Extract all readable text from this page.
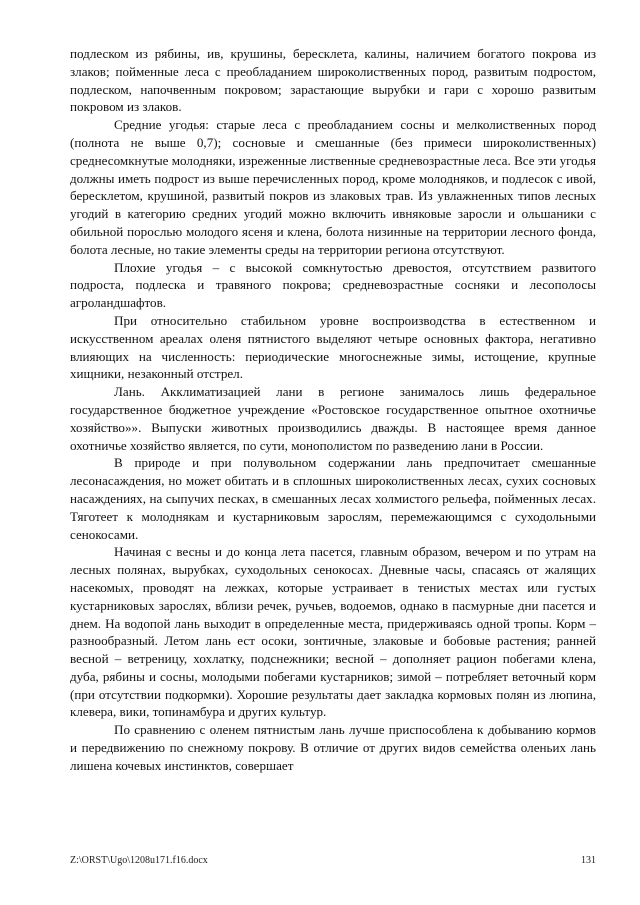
подлеском из рябины, ив, крушины, бересклета, калины, наличием богатого покрова из злаков; пойменные леса с преобладанием широколиственных пород, развитым подростом, подлеском, напочвенным покровом; зарастающие вырубки и гари с хорошо развитым покровом из злаков.

Средние угодья: старые леса с преобладанием сосны и мелколиственных пород (полнота не выше 0,7); сосновые и смешанные (без примеси широколиственных) среднесомкнутые молодняки, изреженные лиственные средневозрастные леса. Все эти угодья должны иметь подрост из выше перечисленных пород, кроме молодняков, и подлесок с ивой, бересклетом, крушиной, развитый покров из злаковых трав. Из увлажненных типов лесных угодий в категорию средних угодий можно включить ивняковые заросли и ольшаники с обильной порослью молодого ясеня и клена, болота низинные на территории лесного фонда, болота лесные, но такие элементы среды на территории региона отсутствуют.

Плохие угодья – с высокой сомкнутостью древостоя, отсутствием развитого подроста, подлеска и травяного покрова; средневозрастные сосняки и лесополосы агроландшафтов.

При относительно стабильном уровне воспроизводства в естественном и искусственном ареалах оленя пятнистого выделяют четыре основных фактора, негативно влияющих на численность: периодические многоснежные зимы, истощение, крупные хищники, незаконный отстрел.

Лань. Акклиматизацией лани в регионе занималось лишь федеральное государственное бюджетное учреждение «Ростовское государственное опытное охотничье хозяйство»». Выпуски животных производились дважды. В настоящее время данное охотничье хозяйство является, по сути, монополистом по разведению лани в России.

В природе и при полувольном содержании лань предпочитает смешанные лесонасаждения, но может обитать и в сплошных широколиственных лесах, сухих сосновых насаждениях, на сыпучих песках, в смешанных лесах холмистого рельефа, пойменных лесах. Тяготеет к молоднякам и кустарниковым зарослям, перемежающимся с суходольными сенокосами.

Начиная с весны и до конца лета пасется, главным образом, вечером и по утрам на лесных полянах, вырубках, суходольных сенокосах. Дневные часы, спасаясь от жалящих насекомых, проводят на лежках, которые устраивает в тенистых местах или густых кустарниковых зарослях, вблизи речек, ручьев, водоемов, однако в пасмурные дни пасется и днем. На водопой лань выходит в определенные места, придерживаясь одной тропы. Корм – разнообразный. Летом лань ест осоки, зонтичные, злаковые и бобовые растения; ранней весной – ветреницу, хохлатку, подснежники; весной – дополняет рацион побегами клена, дуба, рябины и сосны, молодыми побегами кустарников; зимой – потребляет веточный корм (при отсутствии подкормки). Хорошие результаты дает закладка кормовых полян из люпина, клевера, вики, топинамбура и других культур.

По сравнению с оленем пятнистым лань лучше приспособлена к добыванию кормов и передвижению по снежному покрову. В отличие от других видов семейства оленьих лань лишена кочевых инстинктов, совершает

Z:\ORST\Ugo\1208u171.f16.docx	131
